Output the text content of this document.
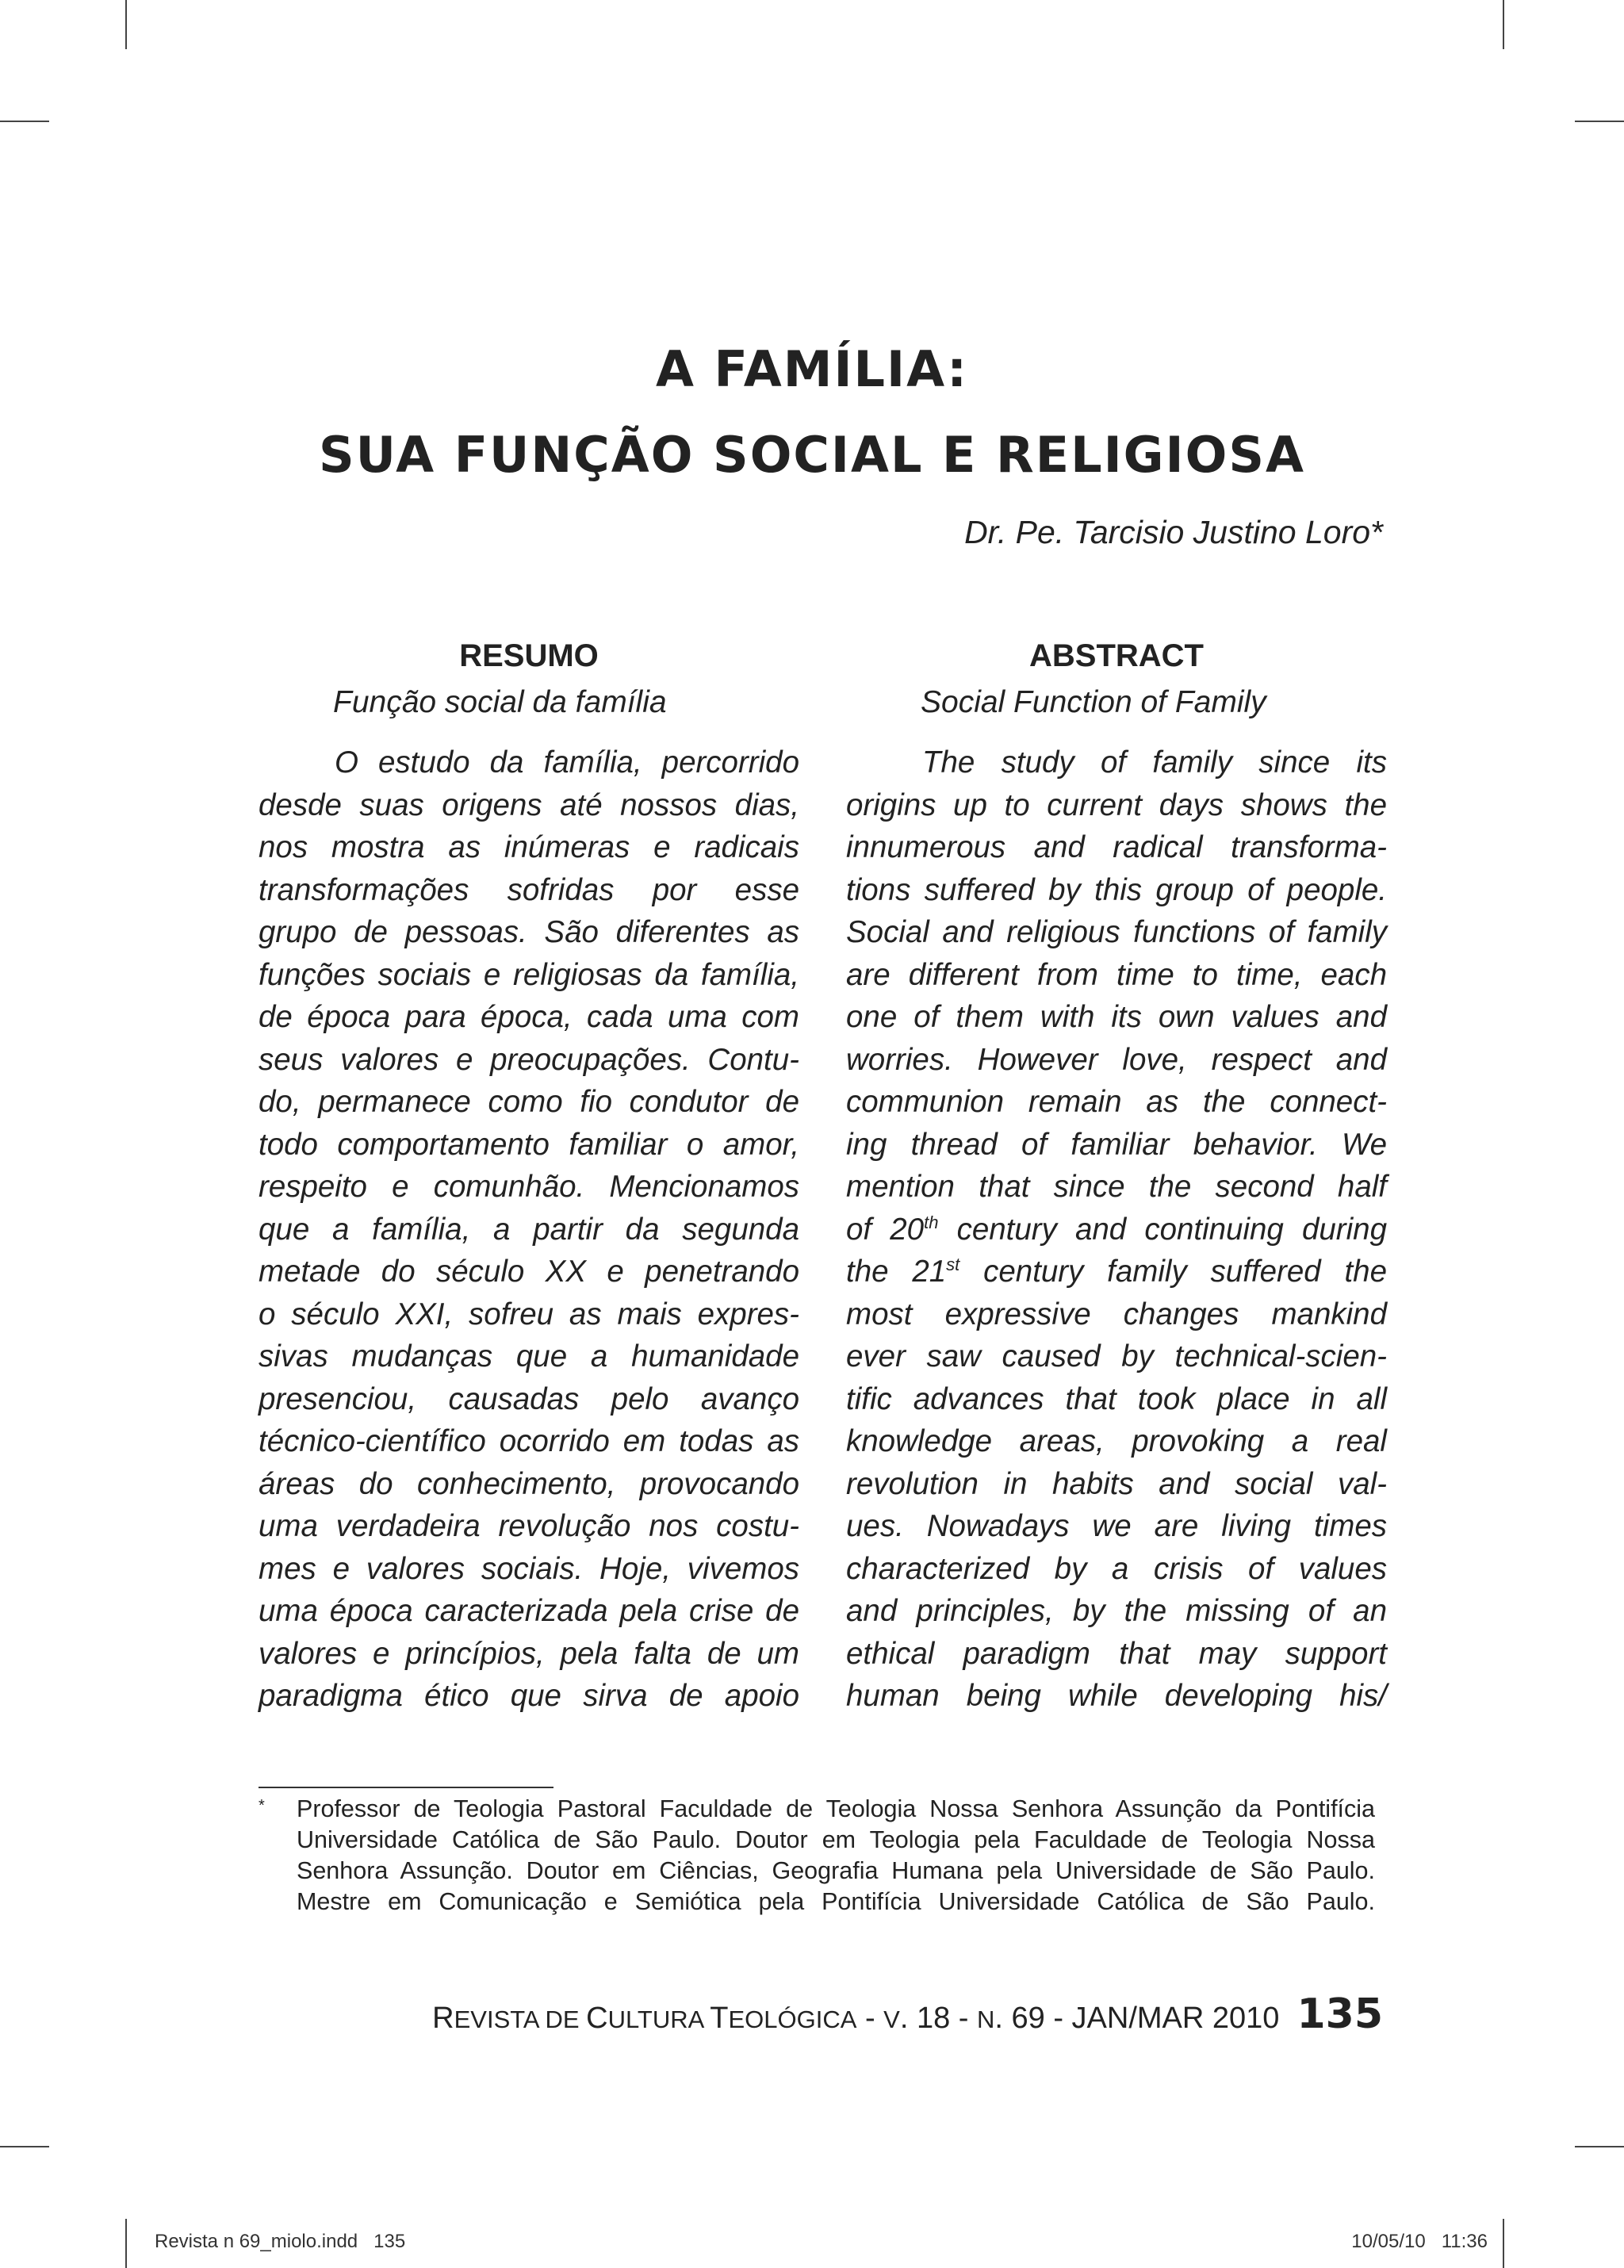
A FAMÍLIA:
SUA FUNÇÃO SOCIAL E RELIGIOSA
Dr. Pe. Tarcisio Justino Loro*
RESUMO
Função social da família
O estudo da família, percorrido
desde suas origens até nossos dias,
nos mostra as inúmeras e radicais
transformações sofridas por esse
grupo de pessoas. São diferentes as
funções sociais e religiosas da família,
de época para época, cada uma com
seus valores e preocupações. Contu-
do, permanece como fio condutor de
todo comportamento familiar o amor,
respeito e comunhão. Mencionamos
que a família, a partir da segunda
metade do século XX e penetrando
o século XXI, sofreu as mais expres-
sivas mudanças que a humanidade
presenciou, causadas pelo avanço
técnico-científico ocorrido em todas as
áreas do conhecimento, provocando
uma verdadeira revolução nos costu-
mes e valores sociais. Hoje, vivemos
uma época caracterizada pela crise de
valores e princípios, pela falta de um
paradigma ético que sirva de apoio
ABSTRACT
Social Function of Family
The study of family since its
origins up to current days shows the
innumerous and radical transforma-
tions suffered by this group of people.
Social and religious functions of family
are different from time to time, each
one of them with its own values and
worries. However love, respect and
communion remain as the connect-
ing thread of familiar behavior. We
mention that since the second half
of 20th century and continuing during
the 21st century family suffered the
most expressive changes mankind
ever saw caused by technical-scien-
tific advances that took place in all
knowledge areas, provoking a real
revolution in habits and social val-
ues. Nowadays we are living times
characterized by a crisis of values
and principles, by the missing of an
ethical paradigm that may support
human being while developing his/
* Professor de Teologia Pastoral Faculdade de Teologia Nossa Senhora Assunção da Pontifícia
Universidade Católica de São Paulo. Doutor em Teologia pela Faculdade de Teologia Nossa
Senhora Assunção. Doutor em Ciências, Geografia Humana pela Universidade de São Paulo.
Mestre em Comunicação e Semiótica pela Pontifícia Universidade Católica de São Paulo.
REVISTA DE CULTURA TEOLÓGICA - V. 18 - N. 69 - JAN/MAR 2010 135
Revista n 69_miolo.indd   135	10/05/10   11:36
